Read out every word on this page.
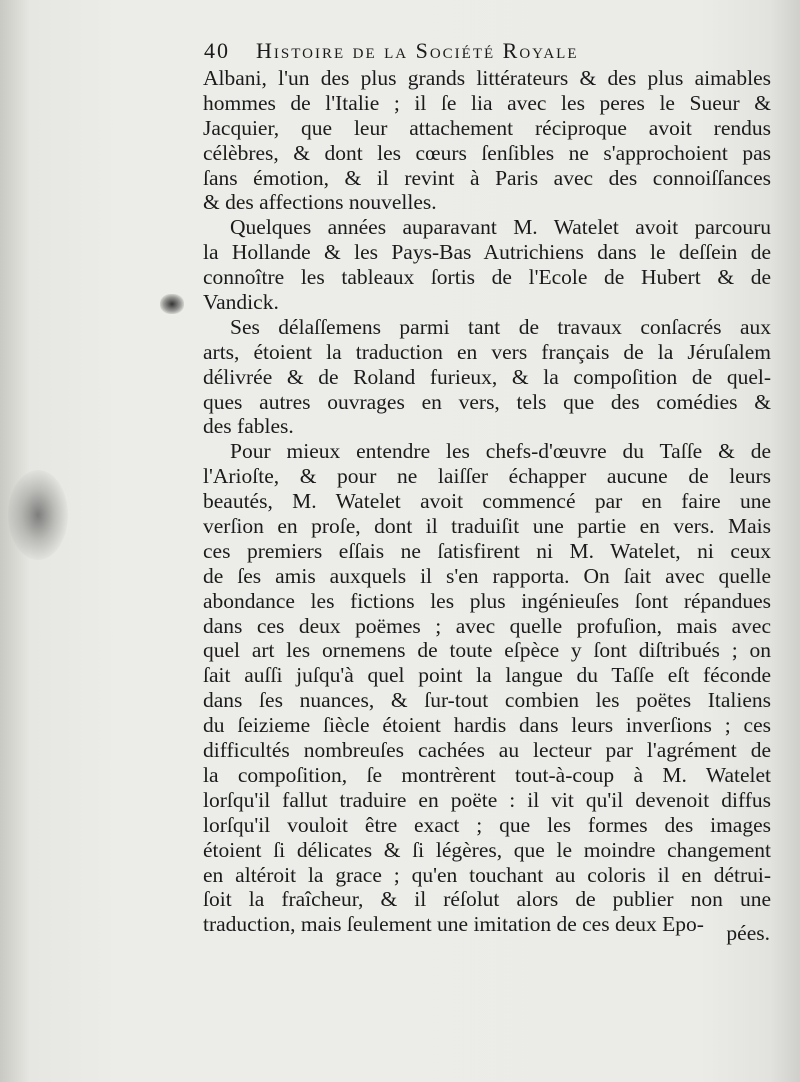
40 Histoire de la Société Royale
Albani, l'un des plus grands littérateurs & des plus aimables
hommes de l'Italie ; il ſe lia avec les peres le Sueur &
Jacquier, que leur attachement réciproque avoit rendus
célèbres, & dont les cœurs ſenſibles ne s'approchoient pas
ſans émotion, & il revint à Paris avec des connoiſſances
& des affections nouvelles.
Quelques années auparavant M. Watelet avoit parcouru
la Hollande & les Pays-Bas Autrichiens dans le deſſein de
connoître les tableaux ſortis de l'Ecole de Hubert & de
Vandick.
Ses délaſſemens parmi tant de travaux conſacrés aux
arts, étoient la traduction en vers français de la Jéruſalem
délivrée & de Roland furieux, & la compoſition de quel-
ques autres ouvrages en vers, tels que des comédies &
des fables.
Pour mieux entendre les chefs-d'œuvre du Taſſe & de
l'Arioſte, & pour ne laiſſer échapper aucune de leurs
beautés, M. Watelet avoit commencé par en faire une
verſion en proſe, dont il traduiſit une partie en vers. Mais
ces premiers eſſais ne ſatisfirent ni M. Watelet, ni ceux
de ſes amis auxquels il s'en rapporta. On ſait avec quelle
abondance les fictions les plus ingénieuſes ſont répandues
dans ces deux poëmes ; avec quelle profuſion, mais avec
quel art les ornemens de toute eſpèce y ſont diſtribués ; on
ſait auſſi juſqu'à quel point la langue du Taſſe eſt féconde
dans ſes nuances, & ſur-tout combien les poëtes Italiens
du ſeizieme ſiècle étoient hardis dans leurs inverſions ; ces
difficultés nombreuſes cachées au lecteur par l'agrément de
la compoſition, ſe montrèrent tout-à-coup à M. Watelet
lorſqu'il fallut traduire en poëte : il vit qu'il devenoit diffus
lorſqu'il vouloit être exact ; que les formes des images
étoient ſi délicates & ſi légères, que le moindre changement
en altéroit la grace ; qu'en touchant au coloris il en détrui-
ſoit la fraîcheur, & il réſolut alors de publier non une
traduction, mais ſeulement une imitation de ces deux Epo-	pées.
